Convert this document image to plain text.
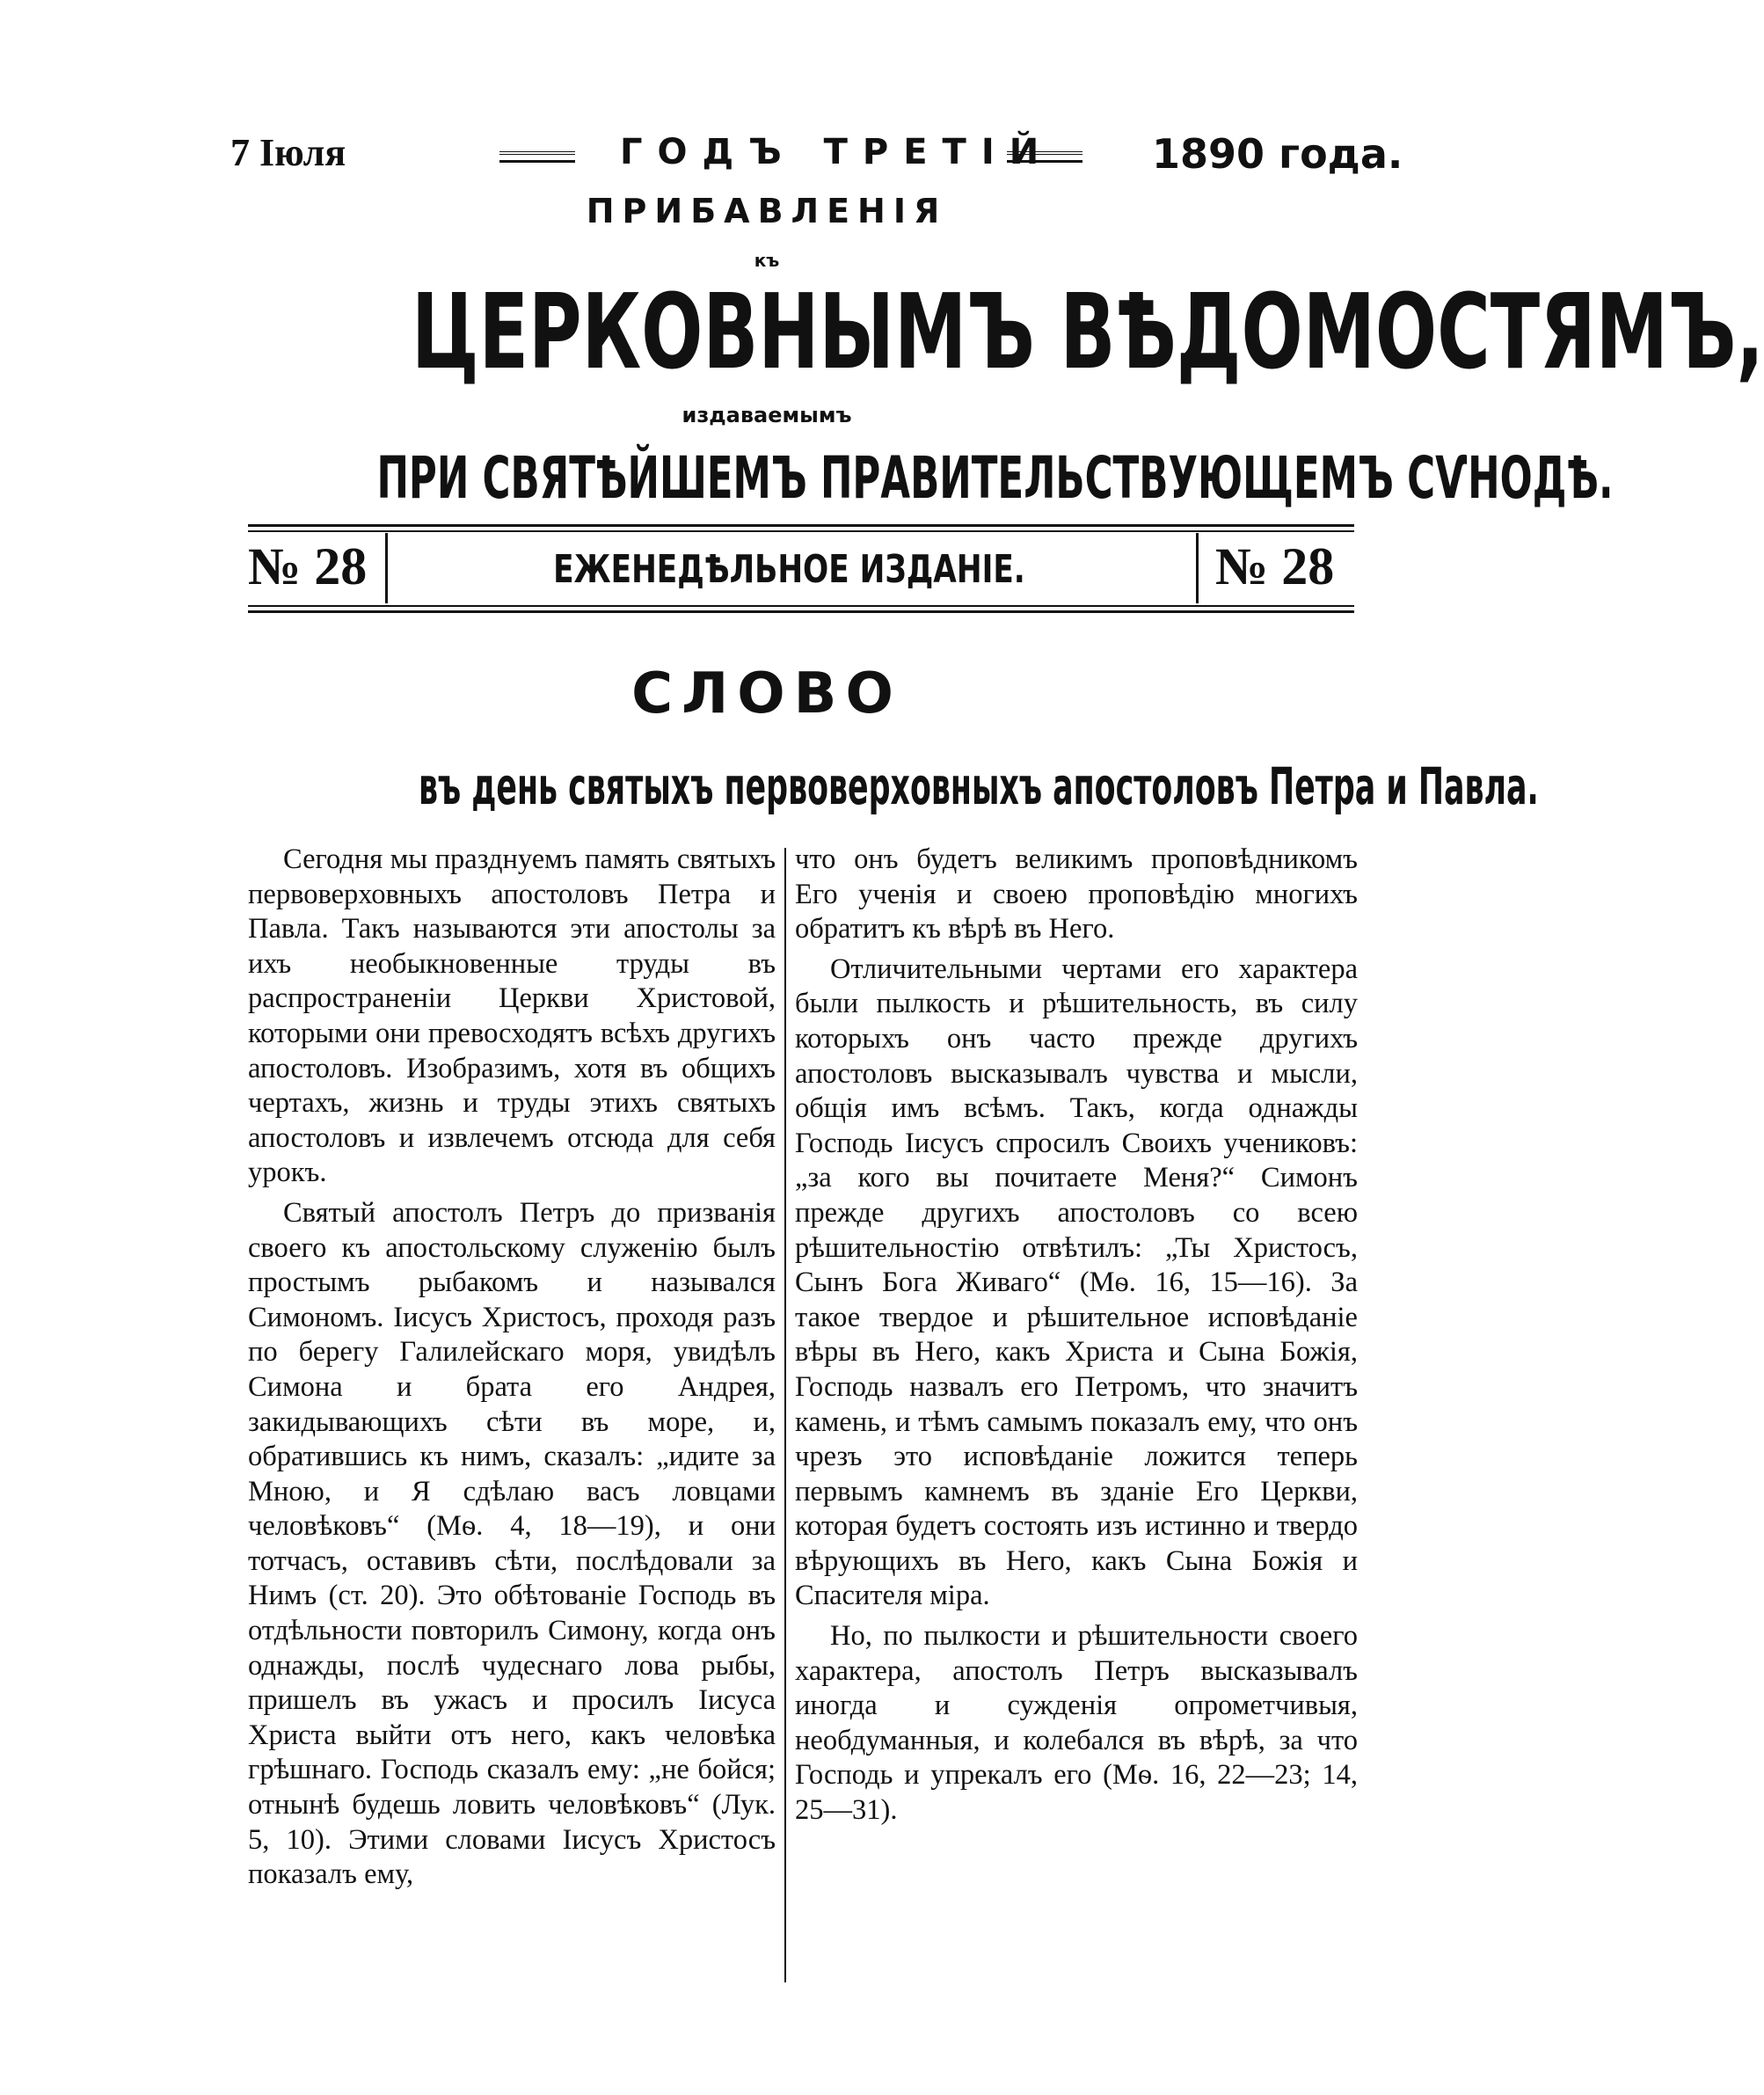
7 Іюля	ГОДЪ ТРЕТІЙ 1890 года.
ПРИБАВЛЕНІЯ
къ
ЦЕРКОВНЫМЪ ВѢДОМОСТЯМЪ,
издаваемымъ
ПРИ СВЯТѢЙШЕМЪ ПРАВИТЕЛЬСТВУЮЩЕМЪ СѴНОДѢ.
№ 28	ЕЖЕНЕДѢЛЬНОЕ ИЗДАНІЕ.	№ 28
СЛОВО
въ день святыхъ первоверховныхъ апостоловъ Петра и Павла.

Сегодня мы празднуемъ память святыхъ первоверховныхъ апостоловъ Петра и Павла. Такъ называются эти апостолы за ихъ необыкновенные труды въ распространеніи Церкви Христовой, которыми они превосходятъ всѣхъ другихъ апостоловъ. Изобразимъ, хотя въ общихъ чертахъ, жизнь и труды этихъ святыхъ апостоловъ и извлечемъ отсюда для себя урокъ.

Святый апостолъ Петръ до призванія своего къ апостольскому служенію былъ простымъ рыбакомъ и назывался Симономъ. Іисусъ Христосъ, проходя разъ по берегу Галилейскаго моря, увидѣлъ Симона и брата его Андрея, закидывающихъ сѣти въ море, и, обратившись къ нимъ, сказалъ: „идите за Мною, и Я сдѣлаю васъ ловцами человѣковъ“ (Мѳ. 4, 18—19), и они тотчасъ, оставивъ сѣти, послѣдовали за Нимъ (ст. 20). Это обѣтованіе Господь въ отдѣльности повторилъ Симону, когда онъ однажды, послѣ чудеснаго лова рыбы, пришелъ въ ужасъ и просилъ Іисуса Христа выйти отъ него, какъ человѣка грѣшнаго. Господь сказалъ ему: „не бойся; отнынѣ будешь ловить человѣковъ“ (Лук. 5, 10). Этими словами Іисусъ Христосъ показалъ ему,

что онъ будетъ великимъ проповѣдникомъ Его ученія и своею проповѣдію многихъ обратитъ къ вѣрѣ въ Него.

Отличительными чертами его характера были пылкость и рѣшительность, въ силу которыхъ онъ часто прежде другихъ апостоловъ высказывалъ чувства и мысли, общія имъ всѣмъ. Такъ, когда однажды Господь Іисусъ спросилъ Своихъ учениковъ: „за кого вы почитаете Меня?“ Симонъ прежде другихъ апостоловъ со всею рѣшительностію отвѣтилъ: „Ты Христосъ, Сынъ Бога Живаго“ (Мѳ. 16, 15—16). За такое твердое и рѣшительное исповѣданіе вѣры въ Него, какъ Христа и Сына Божія, Господь назвалъ его Петромъ, что значитъ камень, и тѣмъ самымъ показалъ ему, что онъ чрезъ это исповѣданіе ложится теперь первымъ камнемъ въ зданіе Его Церкви, которая будетъ состоять изъ истинно и твердо вѣрующихъ въ Него, какъ Сына Божія и Спасителя міра.

Но, по пылкости и рѣшительности своего характера, апостолъ Петръ высказывалъ иногда и сужденія опрометчивыя, необдуманныя, и колебался въ вѣрѣ, за что Господь и упрекалъ его (Мѳ. 16, 22—23; 14, 25—31).
